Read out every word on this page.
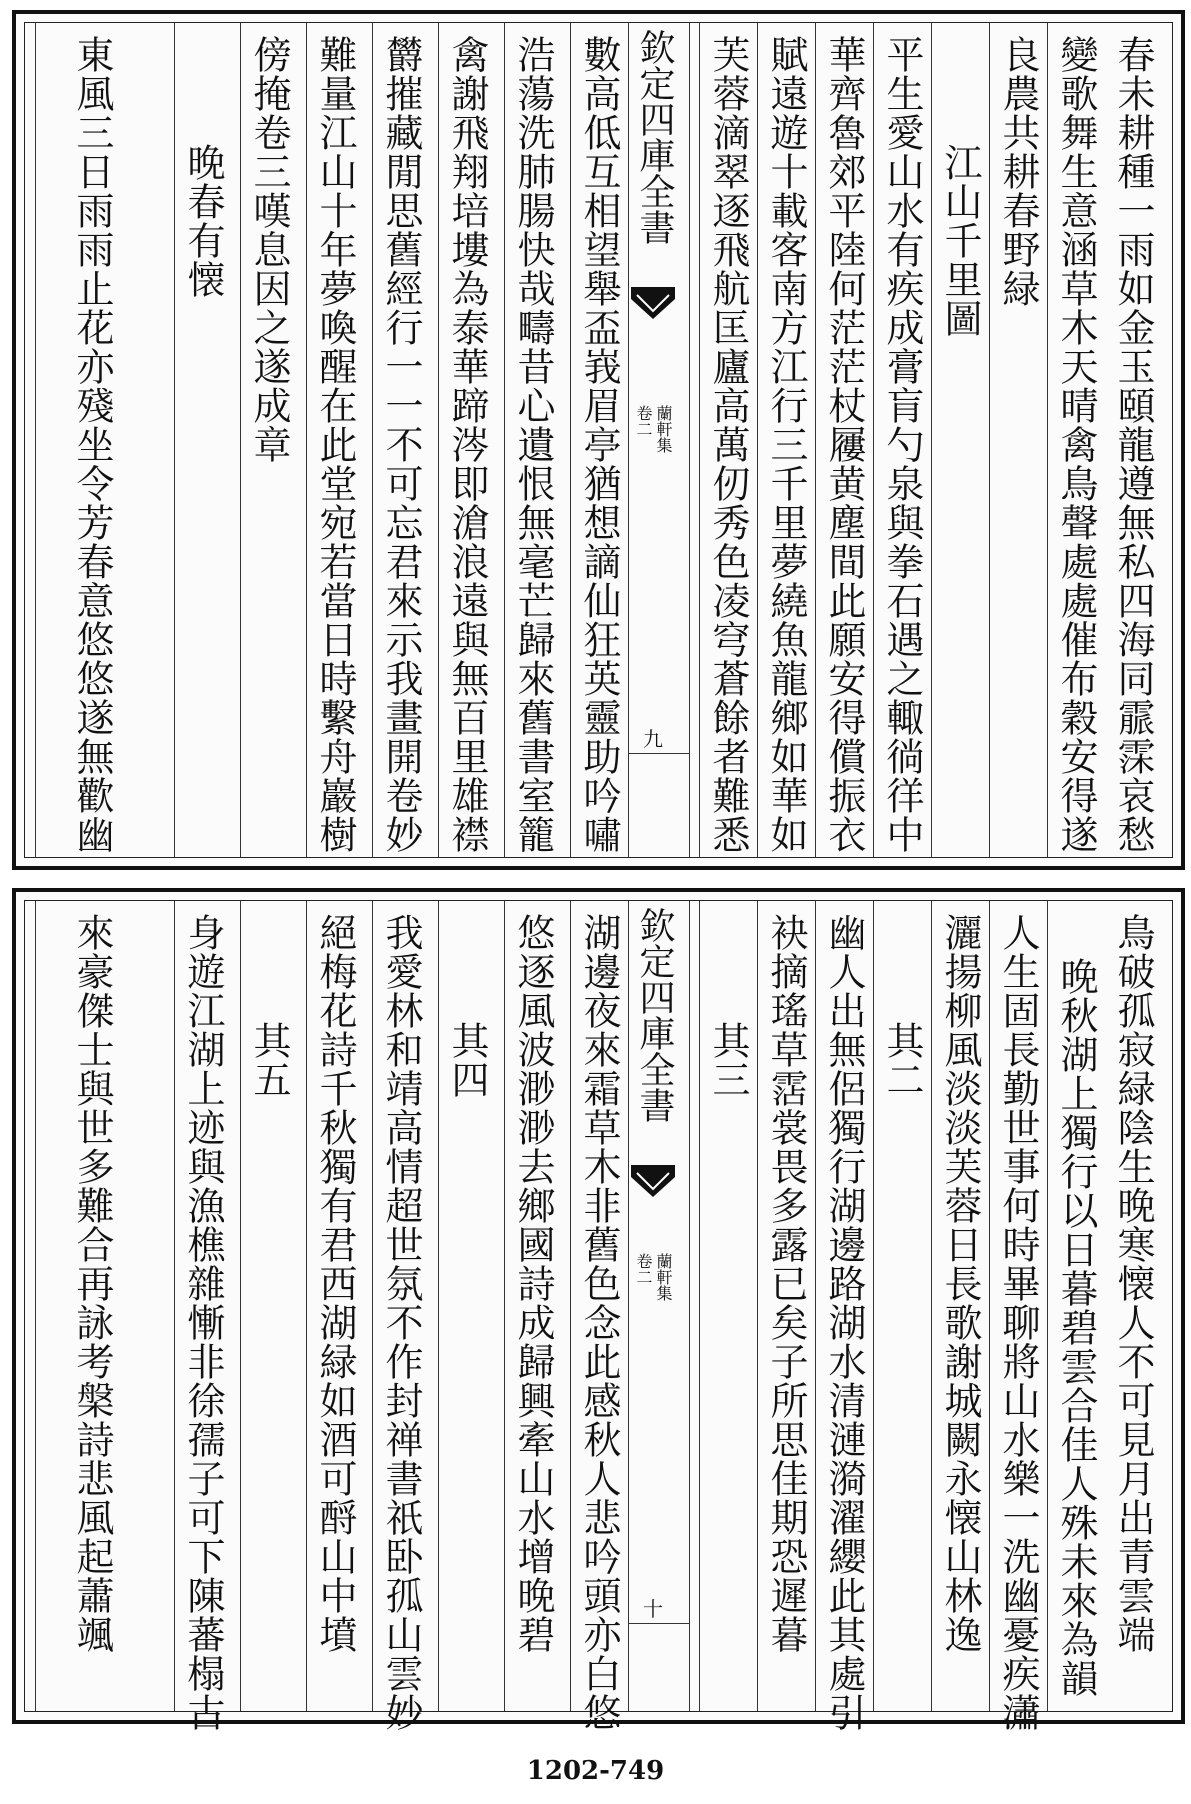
春未耕種一雨如金玉頤龍遵無私四海同霢霂哀愁
變歌舞生意涵草木天晴禽鳥聲處處催布穀安得遂
良農共耕春野緑
江山千里圖
平生愛山水有疾成膏肓勺泉與拳石遇之輙徜徉中
華齊魯郊平陸何茫茫杖屨黄塵間此願安得償振衣
賦遠遊十載客南方江行三千里夢繞魚龍鄉如華如
芙蓉滴翠逐飛航匡廬高萬仞秀色凌穹蒼餘者難悉
欽定四庫全書
蘭軒集
卷二
九
數高低互相望舉盃峩眉亭猶想謫仙狂英靈助吟嘯
浩蕩洗肺腸快哉疇昔心遺恨無毫芒歸來舊書室籠
禽謝飛翔培塿為泰華蹄涔即滄浪遠與無百里雄襟
欝摧藏閒思舊經行一一不可忘君來示我畫開卷妙
難量江山十年夢喚醒在此堂宛若當日時繫舟巖樹
傍掩卷三嘆息因之遂成章
晚春有懐
東風三日雨雨止花亦殘坐令芳春意悠悠遂無歡幽
鳥破孤寂緑陰生晚寒懐人不可見月出青雲端
晚秋湖上獨行以日暮碧雲合佳人殊未來為韻
人生固長勤世事何時畢聊將山水樂一洗幽憂疾瀟
灑揚柳風淡淡芙蓉日長歌謝城闕永懐山林逸
其二
幽人出無侶獨行湖邊路湖水清漣漪濯纓此其處引
袂摘瑤草霑裳畏多露已矣子所思佳期恐遲暮
其三
欽定四庫全書
蘭軒集
卷二
十
湖邊夜來霜草木非舊色念此感秋人悲吟頭亦白悠
悠逐風波渺渺去鄉國詩成歸興牽山水增晚碧
其四
我愛林和靖高情超世氛不作封禅書祇卧孤山雲妙
絕梅花詩千秋獨有君西湖緑如酒可酹山中墳
其五
身遊江湖上迹與漁樵雜慚非徐孺子可下陳蕃榻古
來豪傑士與世多難合再詠考槃詩悲風起蕭颯
1202-749
